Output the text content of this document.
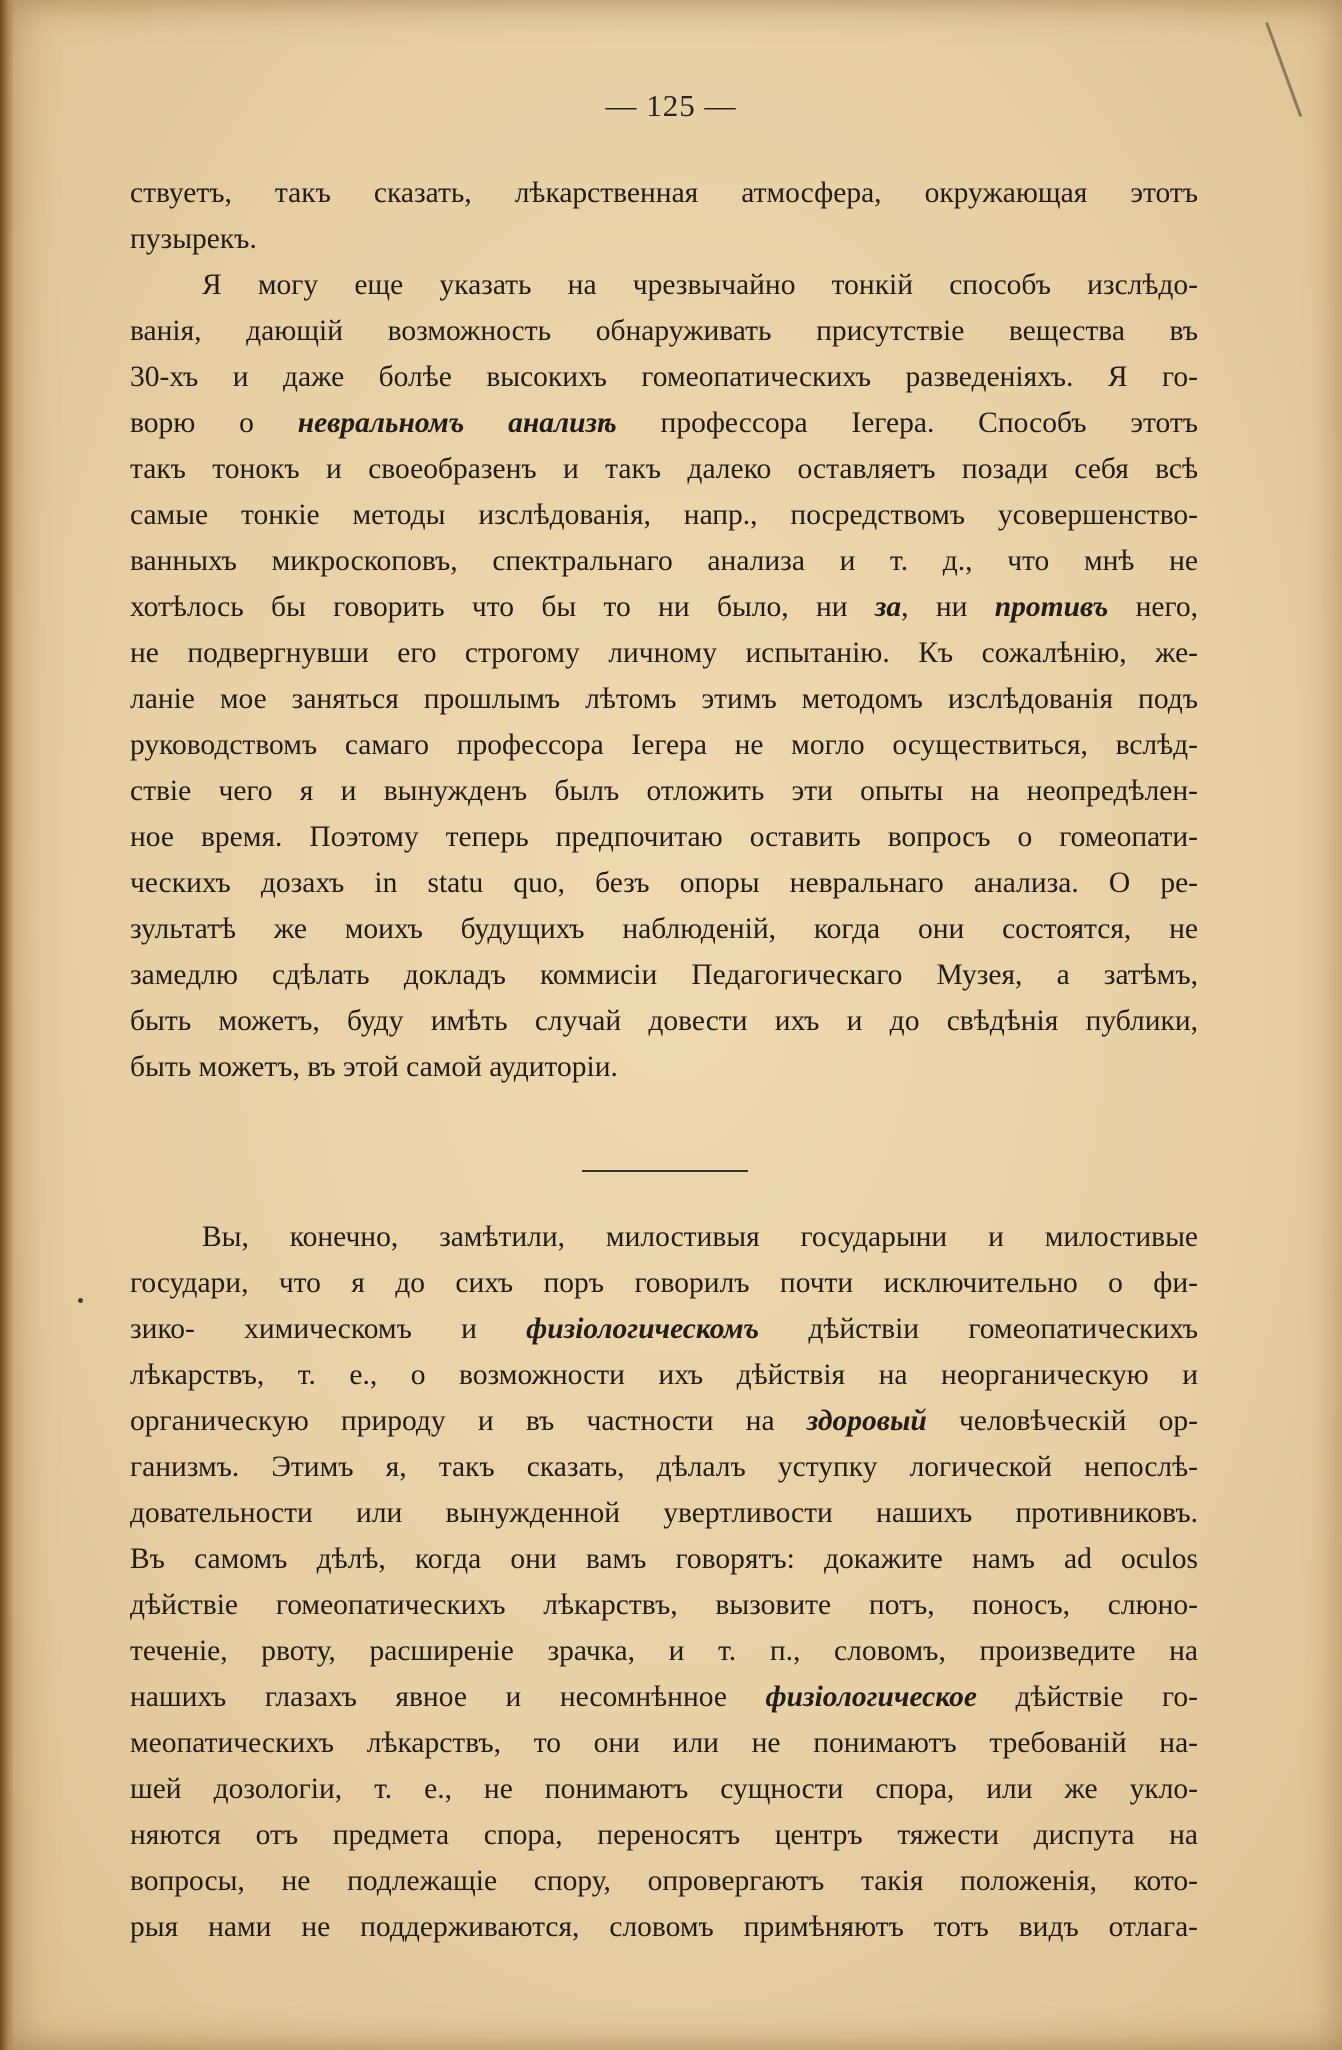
— 125 —
ствуетъ, такъ сказать, лѣкарственная атмосфера, окружающая этотъ
пузырекъ.
Я могу еще указать на чрезвычайно тонкій способъ изслѣдо-
ванія, дающій возможность обнаруживать присутствіе вещества въ
30-хъ и даже болѣе высокихъ гомеопатическихъ разведеніяхъ. Я го-
ворю о невральномъ анализѣ профессора Іегера. Способъ этотъ
такъ тонокъ и своеобразенъ и такъ далеко оставляетъ позади себя всѣ
самые тонкіе методы изслѣдованія, напр., посредствомъ усовершенство-
ванныхъ микроскоповъ, спектральнаго анализа и т. д., что мнѣ не
хотѣлось бы говорить что бы то ни было, ни за, ни противъ него,
не подвергнувши его строгому личному испытанію. Къ сожалѣнію, же-
ланіе мое заняться прошлымъ лѣтомъ этимъ методомъ изслѣдованія подъ
руководствомъ самаго профессора Іегера не могло осуществиться, вслѣд-
ствіе чего я и вынужденъ былъ отложить эти опыты на неопредѣлен-
ное время. Поэтому теперь предпочитаю оставить вопросъ о гомеопати-
ческихъ дозахъ in statu quo, безъ опоры невральнаго анализа. О ре-
зультатѣ же моихъ будущихъ наблюденій, когда они состоятся, не
замедлю сдѣлать докладъ коммисіи Педагогическаго Музея, а затѣмъ,
быть можетъ, буду имѣть случай довести ихъ и до свѣдѣнія публики,
быть можетъ, въ этой самой аудиторіи.
Вы, конечно, замѣтили, милостивыя государыни и милостивые
государи, что я до сихъ поръ говорилъ почти исключительно о фи-
зико- химическомъ и физіологическомъ дѣйствіи гомеопатическихъ
лѣкарствъ, т. е., о возможности ихъ дѣйствія на неорганическую и
органическую природу и въ частности на здоровый человѣческій ор-
ганизмъ. Этимъ я, такъ сказать, дѣлалъ уступку логической непослѣ-
довательности или вынужденной увертливости нашихъ противниковъ.
Въ самомъ дѣлѣ, когда они вамъ говорятъ: докажите намъ ad oculos
дѣйствіе гомеопатическихъ лѣкарствъ, вызовите потъ, поносъ, слюно-
теченіе, рвоту, расширеніе зрачка, и т. п., словомъ, произведите на
нашихъ глазахъ явное и несомнѣнное физіологическое дѣйствіе го-
меопатическихъ лѣкарствъ, то они или не понимаютъ требованій на-
шей дозологіи, т. е., не понимаютъ сущности спора, или же укло-
няются отъ предмета спора, переносятъ центръ тяжести диспута на
вопросы, не подлежащіе спору, опровергаютъ такія положенія, кото-
рыя нами не поддерживаются, словомъ примѣняютъ тотъ видъ отлага-
